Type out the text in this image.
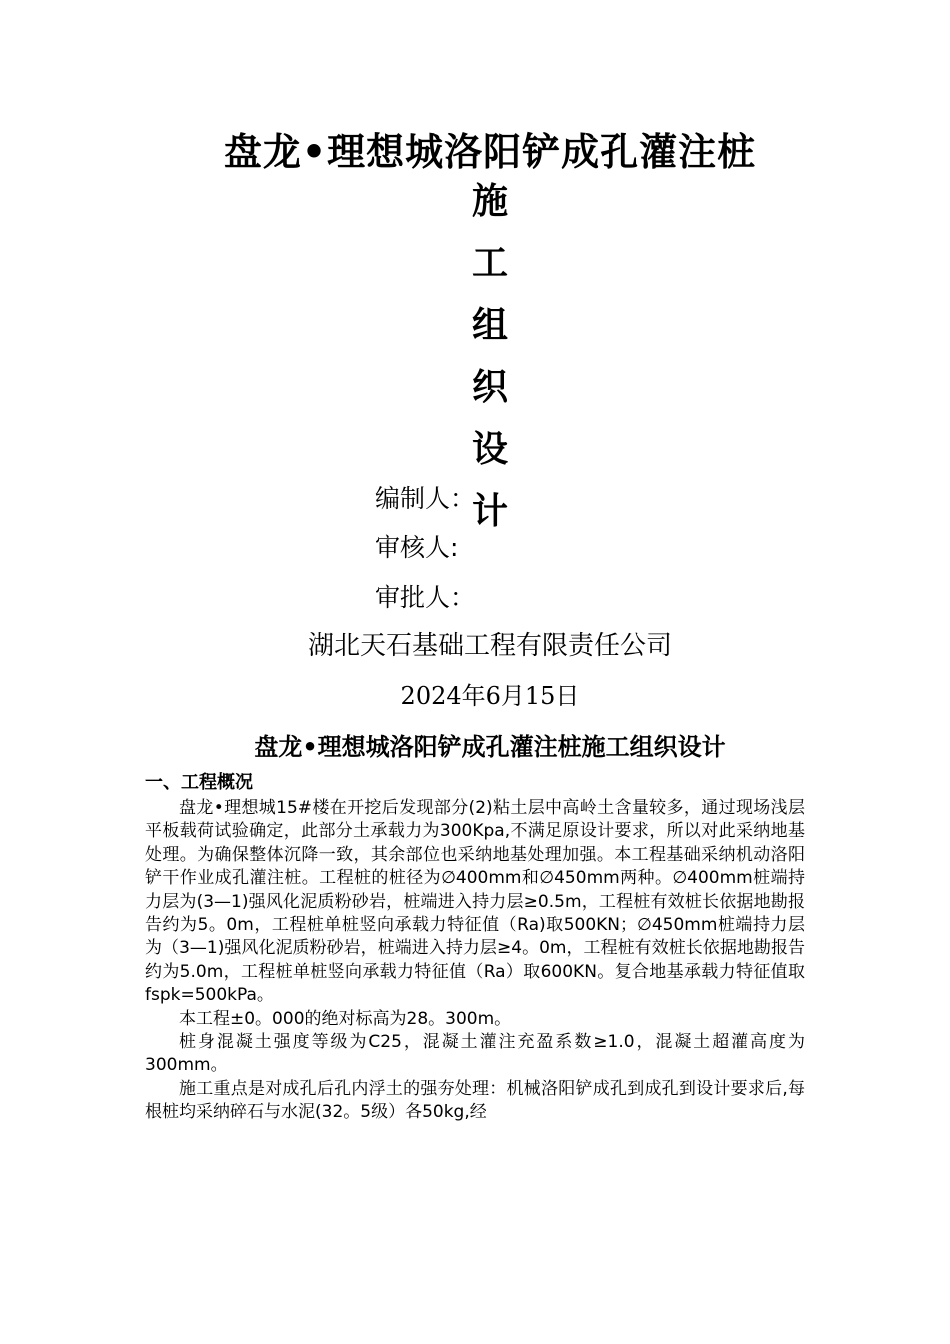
盘龙•理想城洛阳铲成孔灌注桩
施
工
组
织
设
计
编制人：
审核人:
审批人：
湖北天石基础工程有限责任公司
2024年6月15日
盘龙•理想城洛阳铲成孔灌注桩施工组织设计
一、工程概况

盘龙•理想城15#楼在开挖后发现部分(2)粘土层中高岭土含量较多，通过现场浅层平板载荷试验确定，此部分土承载力为300Kpa,不满足原设计要求，所以对此采纳地基处理。为确保整体沉降一致，其余部位也采纳地基处理加强。本工程基础采纳机动洛阳铲干作业成孔灌注桩。工程桩的桩径为∅400mm和∅450mm两种。∅400mm桩端持力层为(3—1)强风化泥质粉砂岩，桩端进入持力层≥0.5m，工程桩有效桩长依据地勘报告约为5。0m，工程桩单桩竖向承载力特征值（Ra)取500KN；∅450mm桩端持力层为（3—1)强风化泥质粉砂岩，桩端进入持力层≥4。0m，工程桩有效桩长依据地勘报告约为5.0m，工程桩单桩竖向承载力特征值（Ra）取600KN。复合地基承载力特征值取fspk=500kPa。

本工程±0。000的绝对标高为28。300m。

桩身混凝土强度等级为C25，混凝土灌注充盈系数≥1.0，混凝土超灌高度为300mm。

施工重点是对成孔后孔内浮土的强夯处理：机械洛阳铲成孔到成孔到设计要求后,每根桩均采纳碎石与水泥(32。5级）各50kg,经
